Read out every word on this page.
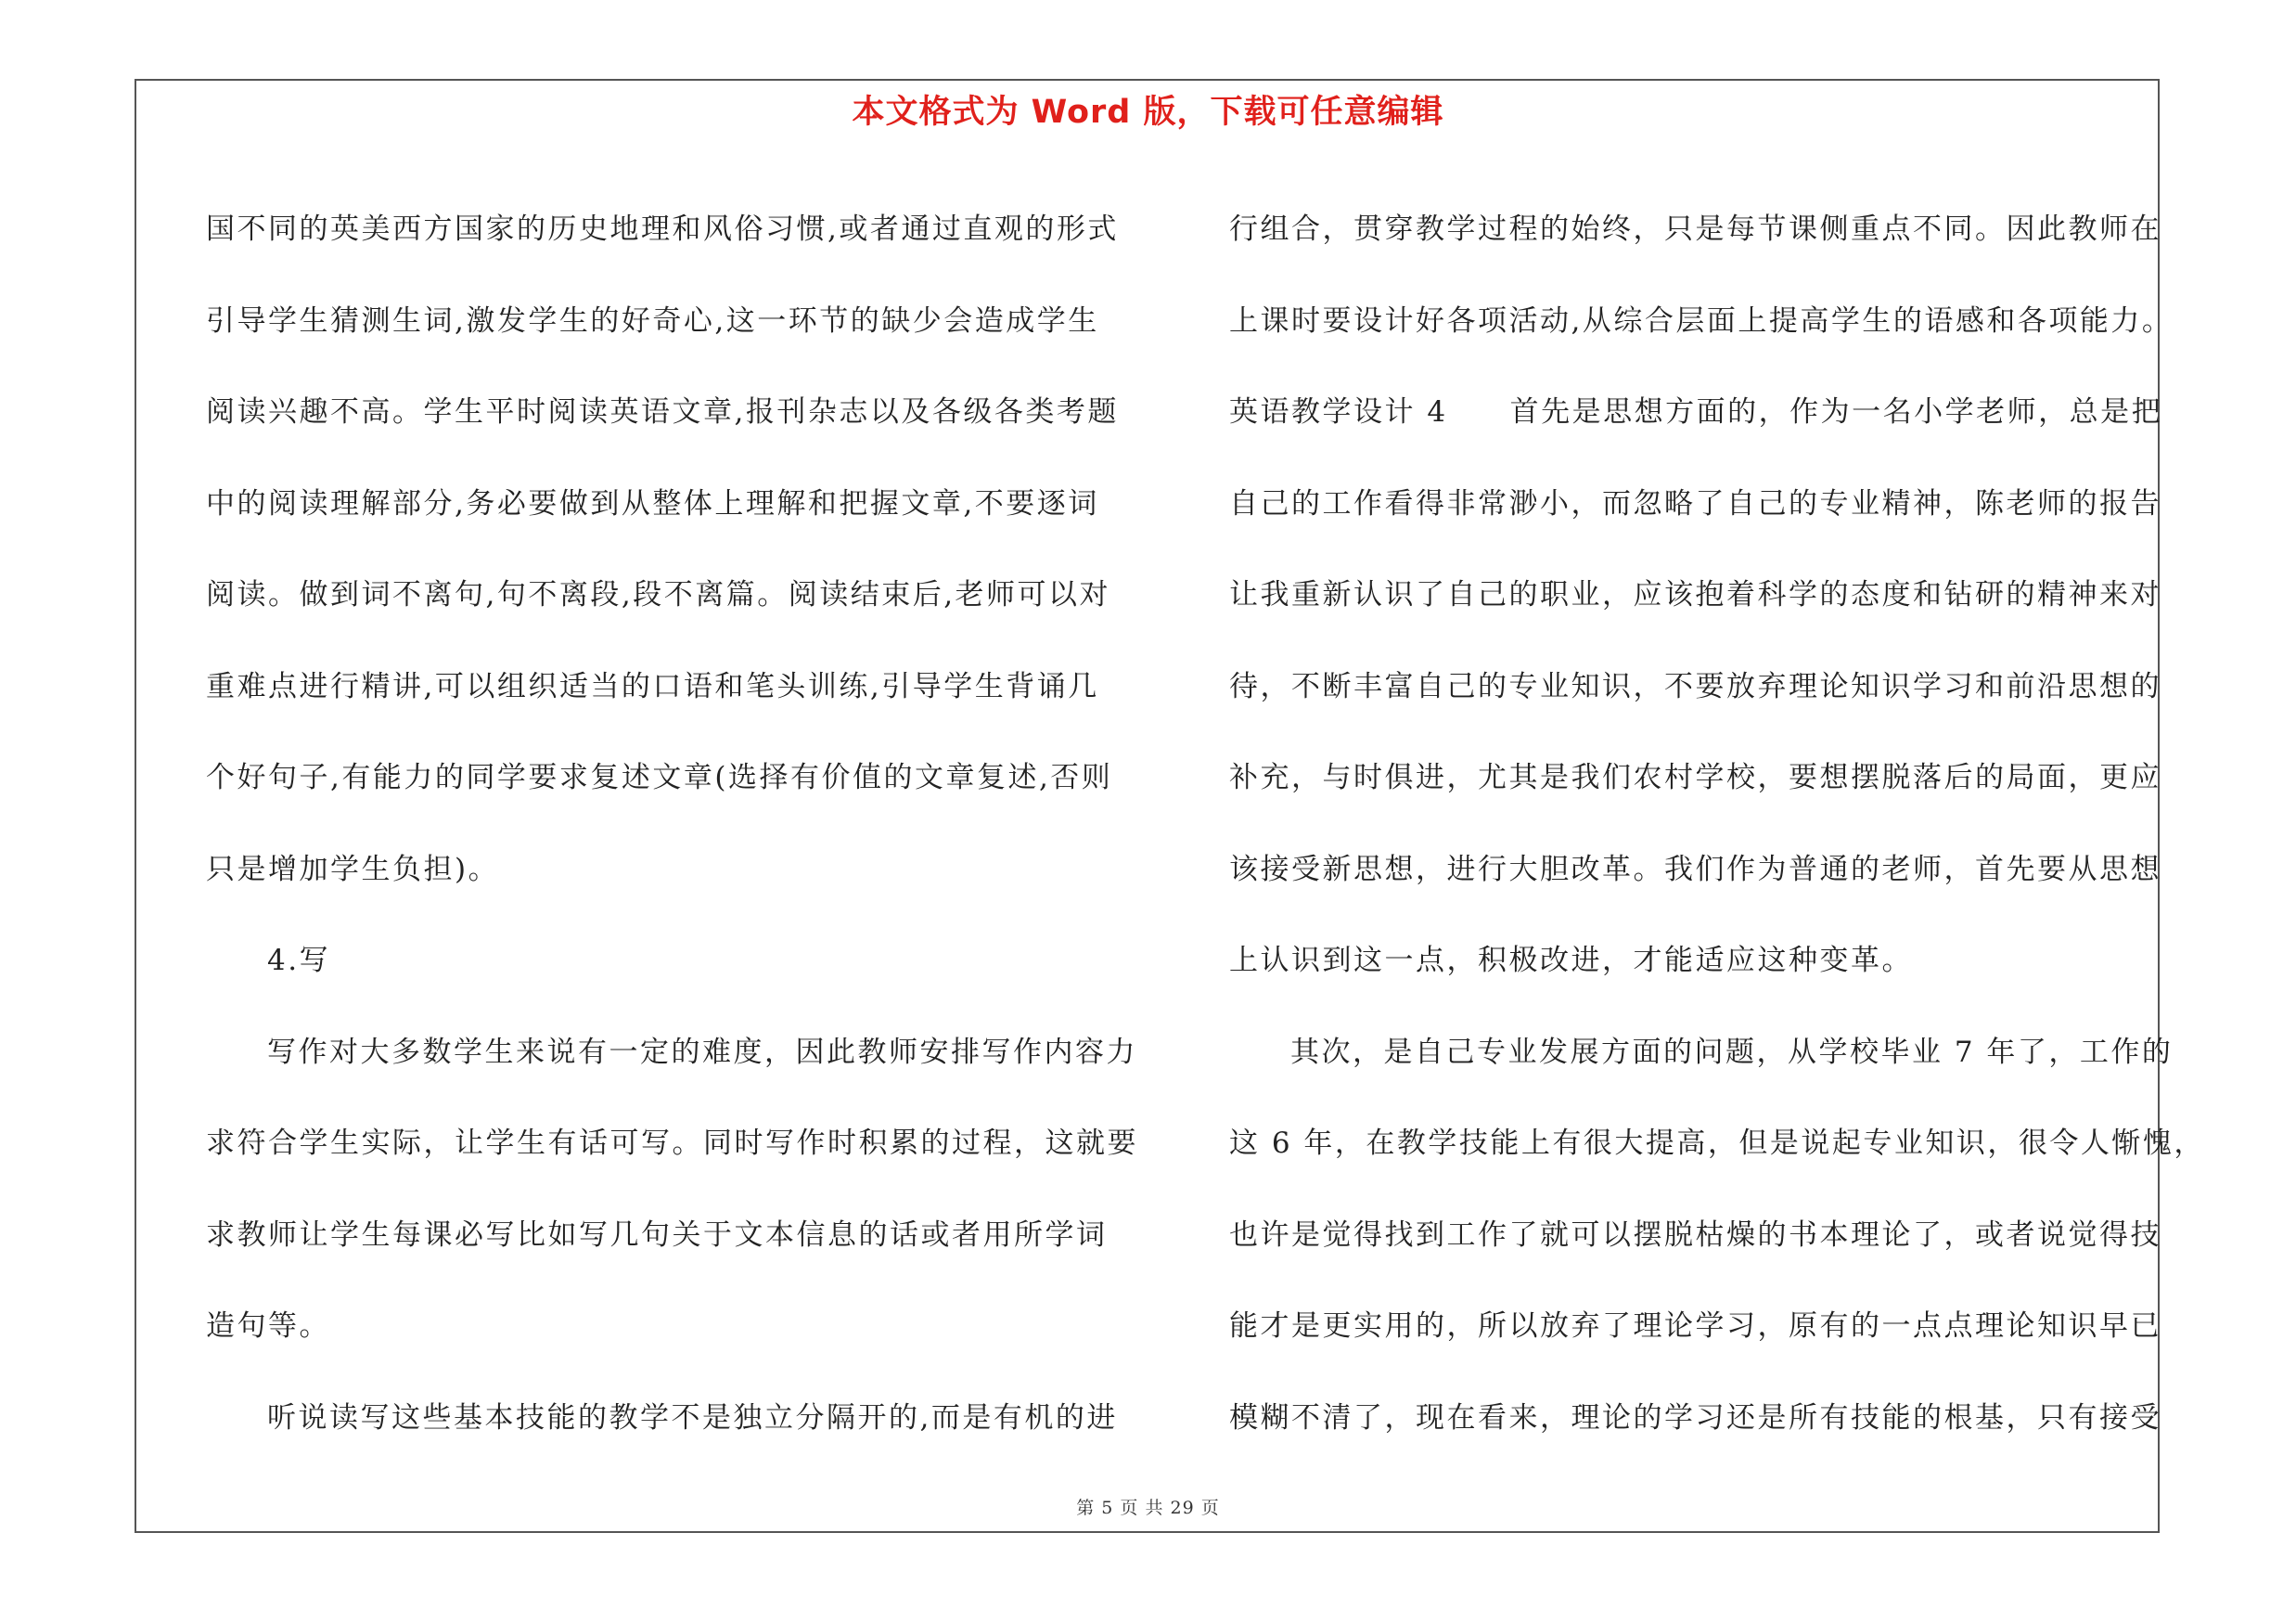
本文格式为 Word 版，下载可任意编辑
国不同的英美西方国家的历史地理和风俗习惯,或者通过直观的形式
引导学生猜测生词,激发学生的好奇心,这一环节的缺少会造成学生
阅读兴趣不高。学生平时阅读英语文章,报刊杂志以及各级各类考题
中的阅读理解部分,务必要做到从整体上理解和把握文章,不要逐词
阅读。做到词不离句,句不离段,段不离篇。阅读结束后,老师可以对
重难点进行精讲,可以组织适当的口语和笔头训练,引导学生背诵几
个好句子,有能力的同学要求复述文章(选择有价值的文章复述,否则
只是增加学生负担)。
4.写
写作对大多数学生来说有一定的难度，因此教师安排写作内容力
求符合学生实际，让学生有话可写。同时写作时积累的过程，这就要
求教师让学生每课必写比如写几句关于文本信息的话或者用所学词
造句等。
听说读写这些基本技能的教学不是独立分隔开的,而是有机的进
行组合，贯穿教学过程的始终，只是每节课侧重点不同。因此教师在
上课时要设计好各项活动,从综合层面上提高学生的语感和各项能力。
英语教学设计 4　　首先是思想方面的，作为一名小学老师，总是把
自己的工作看得非常渺小，而忽略了自己的专业精神，陈老师的报告
让我重新认识了自己的职业，应该抱着科学的态度和钻研的精神来对
待，不断丰富自己的专业知识，不要放弃理论知识学习和前沿思想的
补充，与时俱进，尤其是我们农村学校，要想摆脱落后的局面，更应
该接受新思想，进行大胆改革。我们作为普通的老师，首先要从思想
上认识到这一点，积极改进，才能适应这种变革。
其次，是自己专业发展方面的问题，从学校毕业 7 年了，工作的
这 6 年，在教学技能上有很大提高，但是说起专业知识，很令人惭愧，
也许是觉得找到工作了就可以摆脱枯燥的书本理论了，或者说觉得技
能才是更实用的，所以放弃了理论学习，原有的一点点理论知识早已
模糊不清了，现在看来，理论的学习还是所有技能的根基，只有接受
第 5 页 共 29 页
